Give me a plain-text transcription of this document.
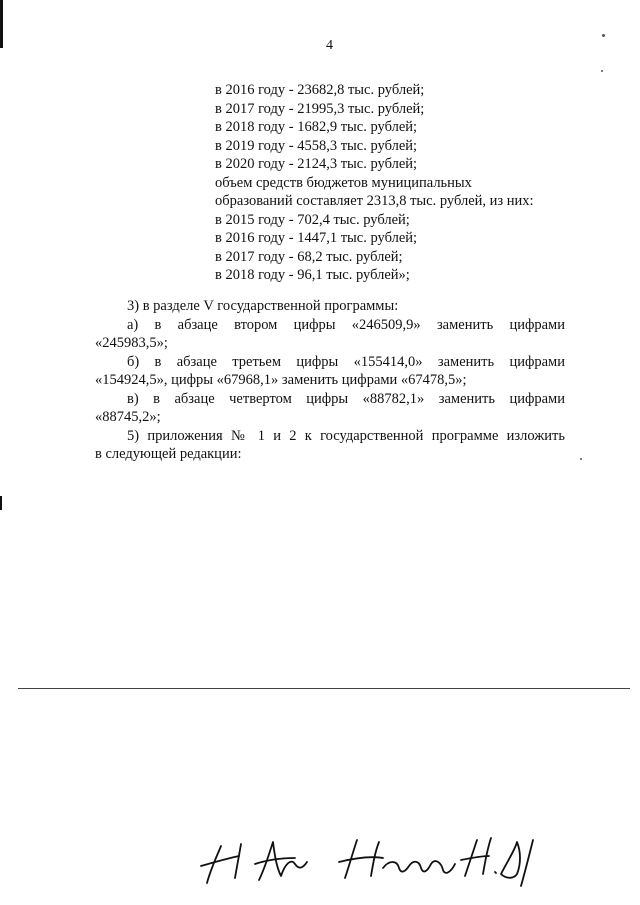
4
в 2016 году - 23682,8 тыс. рублей;
в 2017 году - 21995,3 тыс. рублей;
в 2018 году - 1682,9 тыс. рублей;
в 2019 году - 4558,3 тыс. рублей;
в 2020 году - 2124,3 тыс. рублей;
объем средств бюджетов муниципальных
образований составляет 2313,8 тыс. рублей, из них:
в 2015 году - 702,4 тыс. рублей;
в 2016 году - 1447,1 тыс. рублей;
в 2017 году - 68,2 тыс. рублей;
в 2018 году - 96,1 тыс. рублей»;
3) в разделе V государственной программы:
а) в абзаце втором цифры «246509,9» заменить цифрами
«245983,5»;
б) в абзаце третьем цифры «155414,0» заменить цифрами
«154924,5», цифры «67968,1» заменить цифрами «67478,5»;
в) в абзаце четвертом цифры «88782,1» заменить цифрами
«88745,2»;
5) приложения № 1 и 2 к государственной программе изложить
в следующей редакции:
